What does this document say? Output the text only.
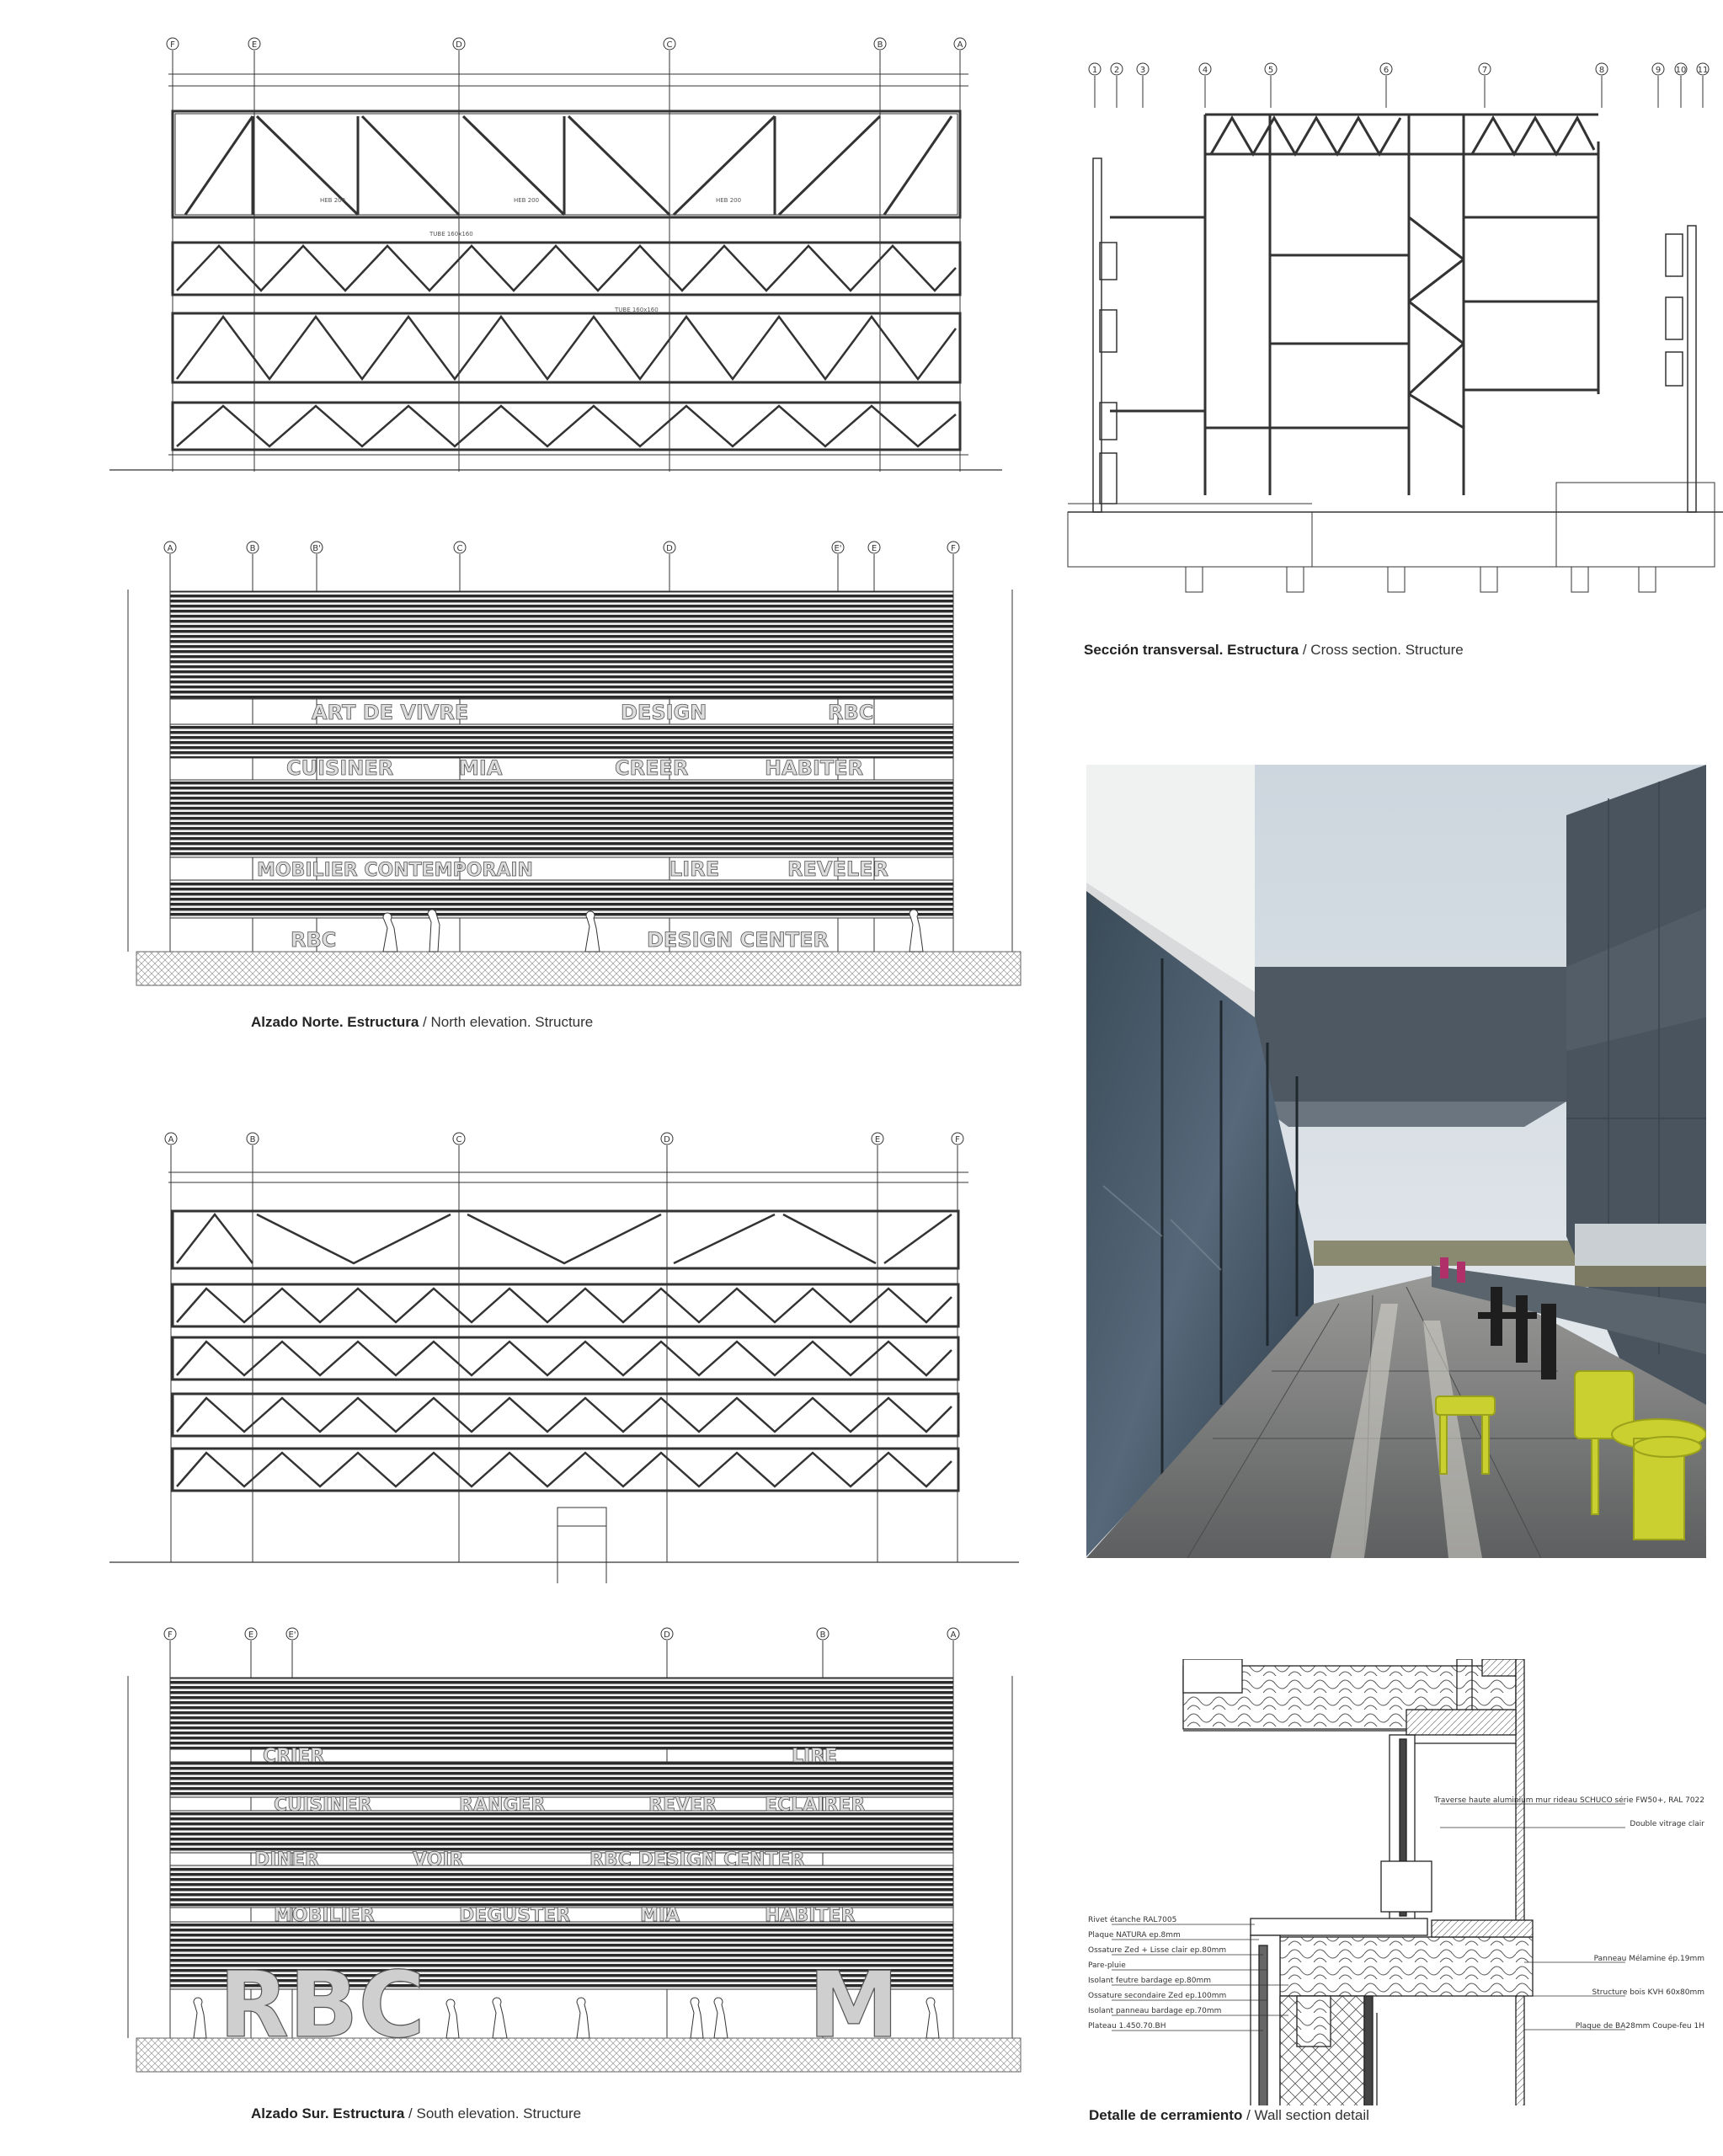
HEB 200	HEB 200	HEB 200
TUBE 160x160
TUBE 160x160
F	E	D	C	B	A
1 2 3	4	5	6	7	8	9 10 11
Sección transversal. Estructura / Cross section. Structure
ART DE VIVRE	DESIGN	RBC
CUISINER	MIA	CREER	HABITER
MOBILIER CONTEMPORAIN	LIRE	REVELER
RBC	DESIGN CENTER
A	B	B'	C	D	E'	E	F
Alzado Norte. Estructura / North elevation. Structure
A	B	C	D	E	F
CRIER	LIRE
CUISINER	RANGER	REVER	ECLAIRER
DINER	VOIR	RBC DESIGN CENTER
MOBILIER	DEGUSTER	MIA	HABITER
RBC	M
F	E	E'	D	B	A
Alzado Sur. Estructura / South elevation. Structure
Rivet étanche RAL7005
Plaque NATURA ep.8mm
Ossature Zed + Lisse clair ep.80mm
Pare-pluie
Isolant feutre bardage ep.80mm
Ossature secondaire Zed ep.100mm
Isolant panneau bardage ep.70mm
Plateau 1.450.70.BH
Traverse haute aluminium mur rideau SCHUCO série FW50+, RAL 7022
Double vitrage clair
Panneau Mélamine ép.19mm
Structure bois KVH 60x80mm
Plaque de BA28mm Coupe-feu 1H
Detalle de cerramiento / Wall section detail
